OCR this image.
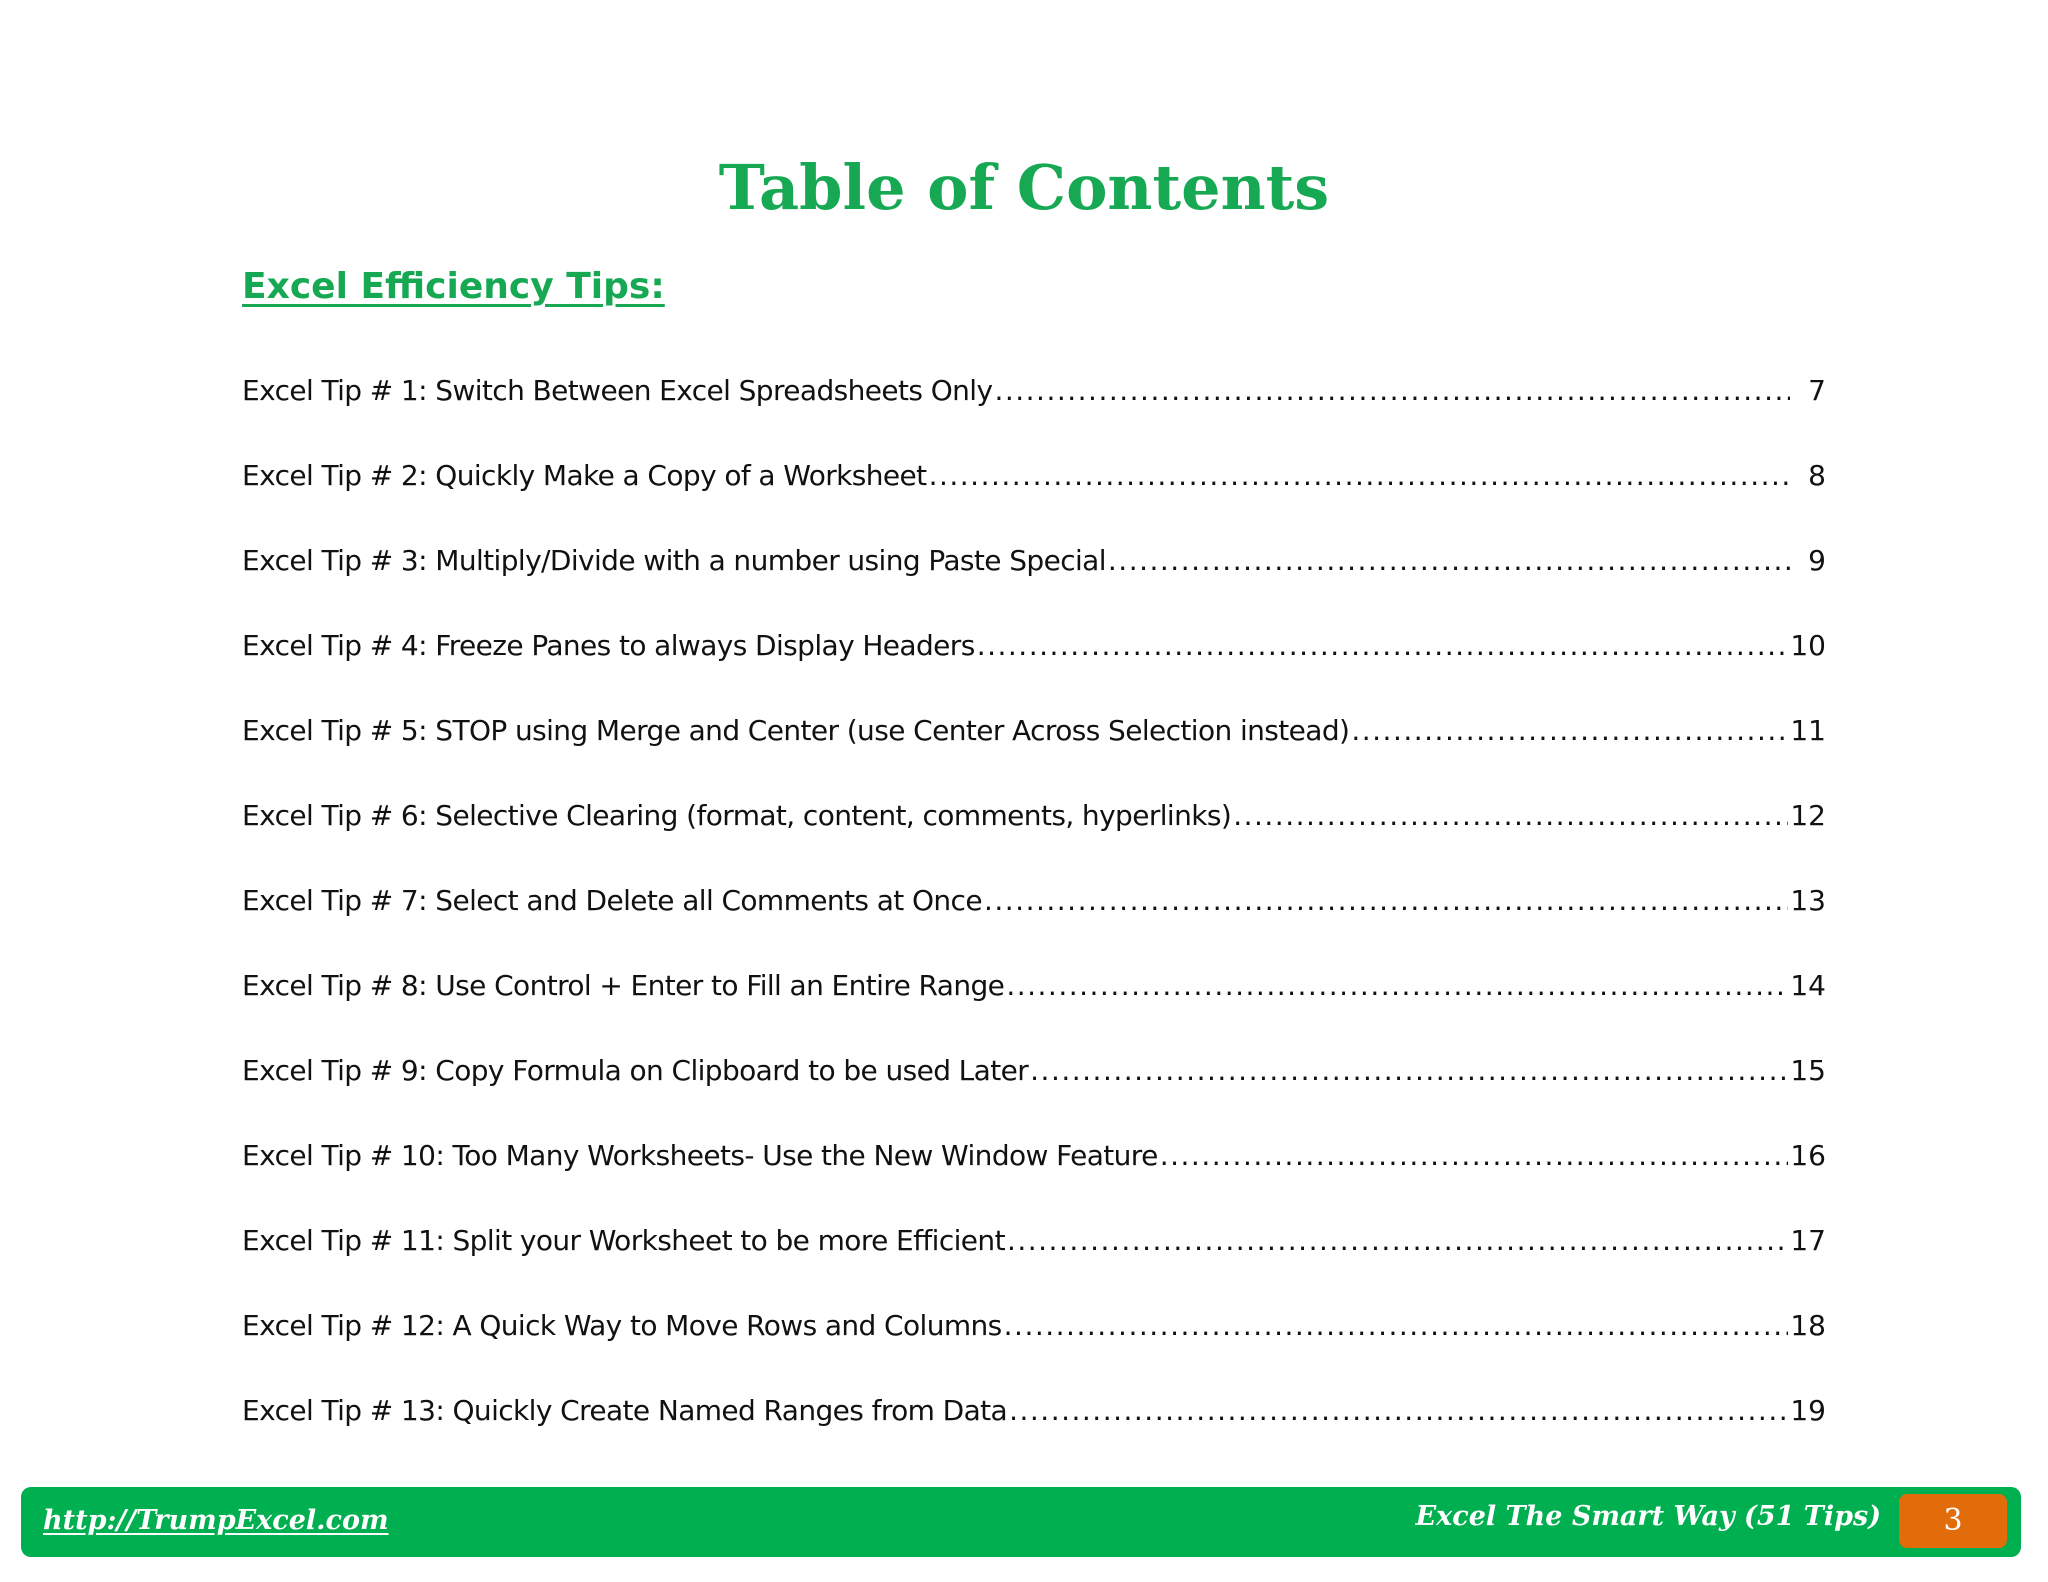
Table of Contents
Excel Efficiency Tips:
Excel Tip # 1: Switch Between Excel Spreadsheets Only .....	7
Excel Tip # 2: Quickly Make a Copy of a Worksheet .....	8
Excel Tip # 3: Multiply/Divide with a number using Paste Special .....	9
Excel Tip # 4: Freeze Panes to always Display Headers .....	10
Excel Tip # 5: STOP using Merge and Center (use Center Across Selection instead) .....	11
Excel Tip # 6: Selective Clearing (format, content, comments, hyperlinks) .....	12
Excel Tip # 7: Select and Delete all Comments at Once .....	13
Excel Tip # 8: Use Control + Enter to Fill an Entire Range .....	14
Excel Tip # 9: Copy Formula on Clipboard to be used Later .....	15
Excel Tip # 10: Too Many Worksheets- Use the New Window Feature .....	16
Excel Tip # 11: Split your Worksheet to be more Efficient .....	17
Excel Tip # 12: A Quick Way to Move Rows and Columns .....	18
Excel Tip # 13: Quickly Create Named Ranges from Data .....	19
http://TrumpExcel.com	Excel The Smart Way (51 Tips)	3
